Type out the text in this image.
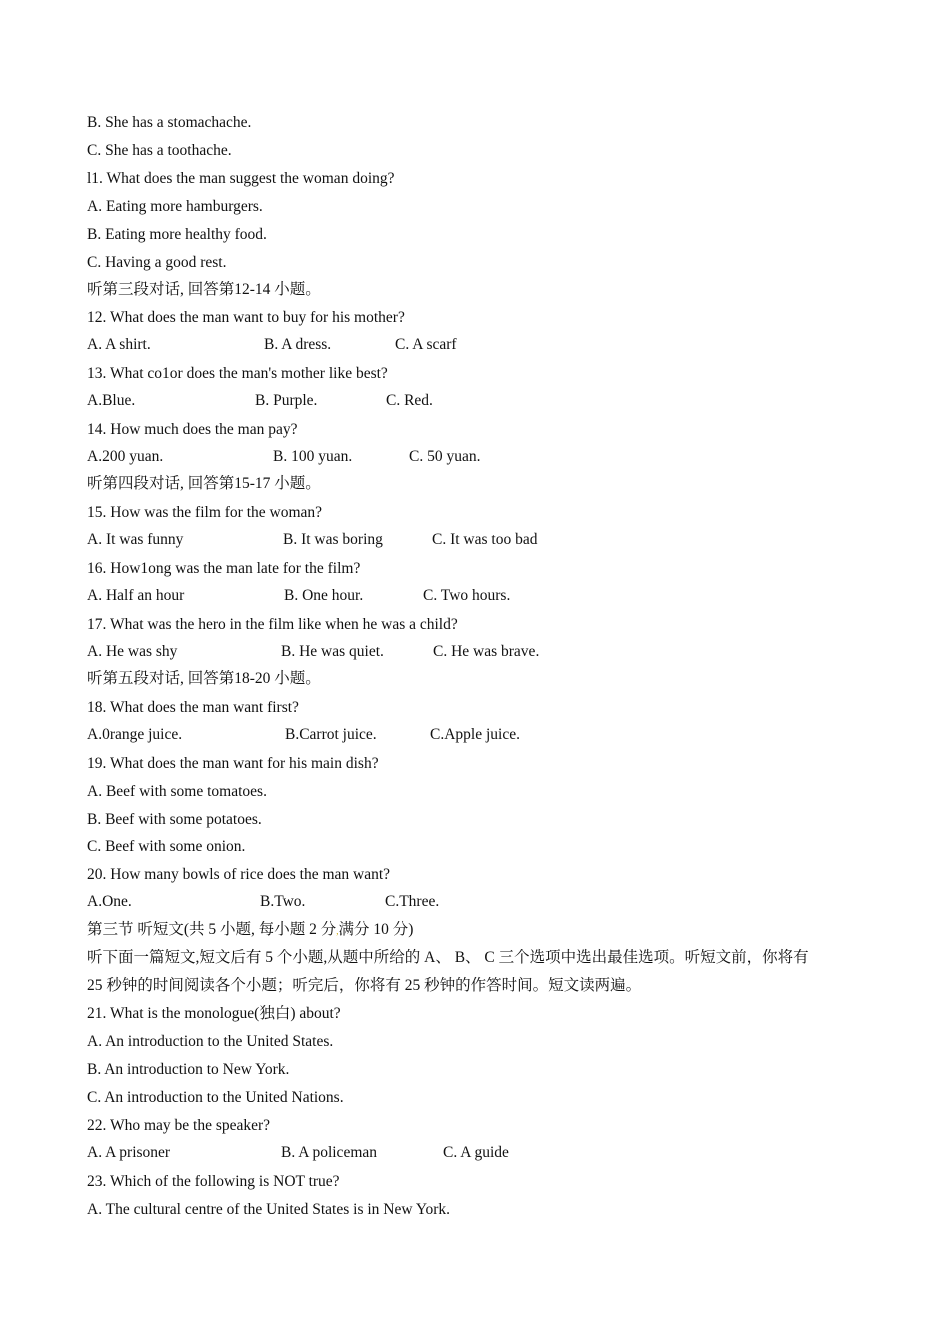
B. She has a stomachache.
C. She has a toothache.
l1. What does the man suggest the woman doing?
A. Eating more hamburgers.
B. Eating more healthy food.
C. Having a good rest.
听第三段对话, 回答第12-14 小题。
12. What does the man want to buy for his mother?
A. A shirt.	B. A dress.	C. A scarf
13. What co1or does the man's mother like best?
A.Blue.	B. Purple.	C. Red.
14. How much does the man pay?
A.200 yuan.	B. 100 yuan.	C. 50 yuan.
听第四段对话, 回答第15-17 小题。
15. How was the film for the woman?
A. It was funny	B. It was boring	C. It was too bad
16. How1ong was the man late for the film?
A. Half an hour	B. One hour.	C. Two hours.
17. What was the hero in the film like when he was a child?
A. He was shy	B. He was quiet.	C. He was brave.
听第五段对话, 回答第18-20 小题。
18. What does the man want first?
A.0range juice.	B.Carrot juice.	C.Apple juice.
19. What does the man want for his main dish?
A. Beef with some tomatoes.
B. Beef with some potatoes.
C. Beef with some onion.
20. How many bowls of rice does the man want?
A.One.	B.Two.	C.Three.
第三节 听短文(共 5 小题, 每小题 2 分,满分 10 分)
听下面一篇短文,短文后有 5 个小题,从题中所给的 A、 B、 C 三个选项中选出最佳选项。听短文前，你将有
25 秒钟的时间阅读各个小题；听完后，你将有 25 秒钟的作答时间。短文读两遍。
21. What is the monologue(独白) about?
A. An introduction to the United States.
B. An introduction to New York.
C. An introduction to the United Nations.
22. Who may be the speaker?
A. A prisoner	B. A policeman	C. A guide
23. Which of the following is NOT true?
A. The cultural centre of the United States is in New York.
